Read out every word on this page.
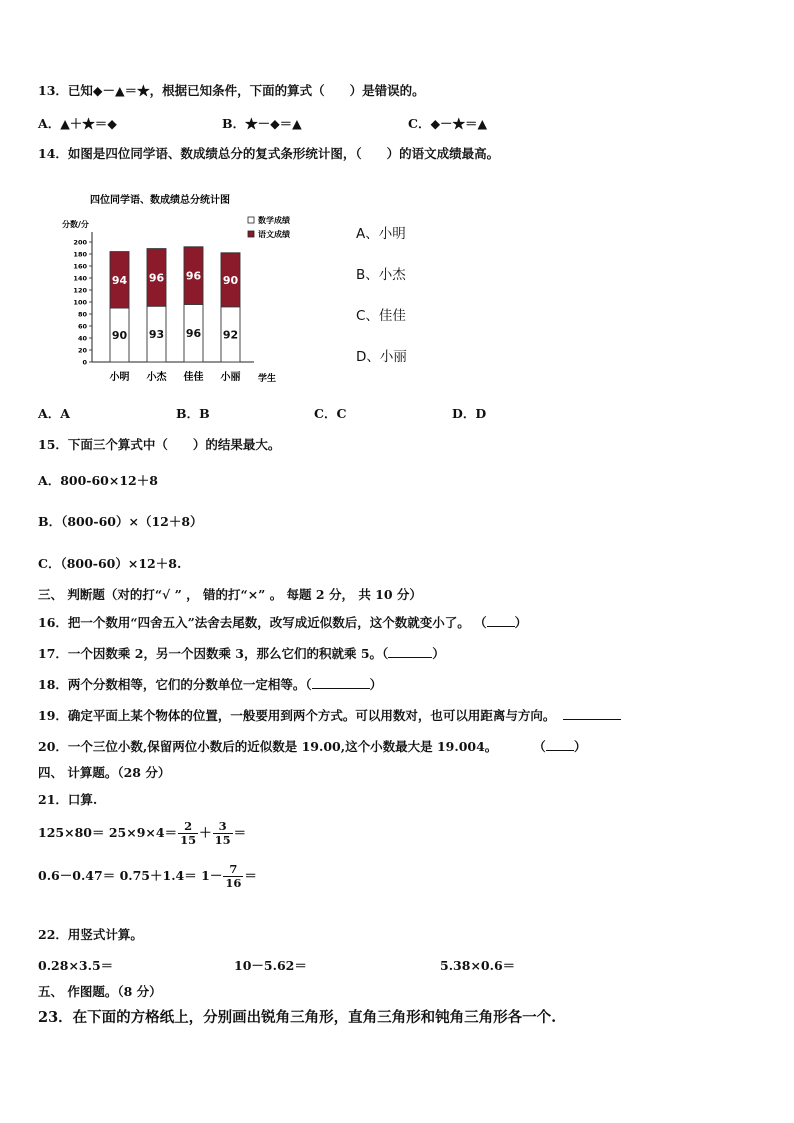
13．已知◆－▲＝★，根据已知条件，下面的算式（　　）是错误的。
A．▲＋★＝◆	B．★－◆＝▲	C．◆－★＝▲
14．如图是四位同学语、数成绩总分的复式条形统计图，（　　）的语文成绩最高。
四位同学语、数成绩总分统计图
分数/分	数学成绩
语文成绩
0
20
40
60
80
100
120
140
160
180
200
90
94
小明
93
96
小杰
96
96
佳佳
92
90
小丽 学生
A、小明
B、小杰
C、佳佳
D、小丽
A．A	B．B	C．C	D．D
15．下面三个算式中（　　）的结果最大。
A．800-60×12＋8
B．（800-60）×（12＋8）
C．（800-60）×12＋8.
三、 判断题（对的打“√ ” ， 错的打“×” 。 每题 2 分， 共 10 分）
16．把一个数用“四舍五入”法舍去尾数，改写成近似数后，这个数就变小了。 （ ）
17．一个因数乘 2，另一个因数乘 3，那么它们的积就乘 5。（	）
18．两个分数相等，它们的分数单位一定相等。（	）
19．确定平面上某个物体的位置，一般要用到两个方式。可以用数对，也可以用距离与方向。
20．一个三位小数,保留两位小数后的近似数是 19.00,这个小数最大是 19.004。	（ ）
四、 计算题。（28 分）
21．口算.
$125\times 80= 25\times 9\times 4= \frac{2}{15} + \frac{3}{15}$ ＝
$0.6-0.47= 0.75+1.4= 1- \frac{7}{16}$ ＝
22．用竖式计算。
0.28×3.5＝	10－5.62＝	5.38×0.6＝
五、 作图题。（8 分）
23．在下面的方格纸上，分别画出锐角三角形，直角三角形和钝角三角形各一个.
